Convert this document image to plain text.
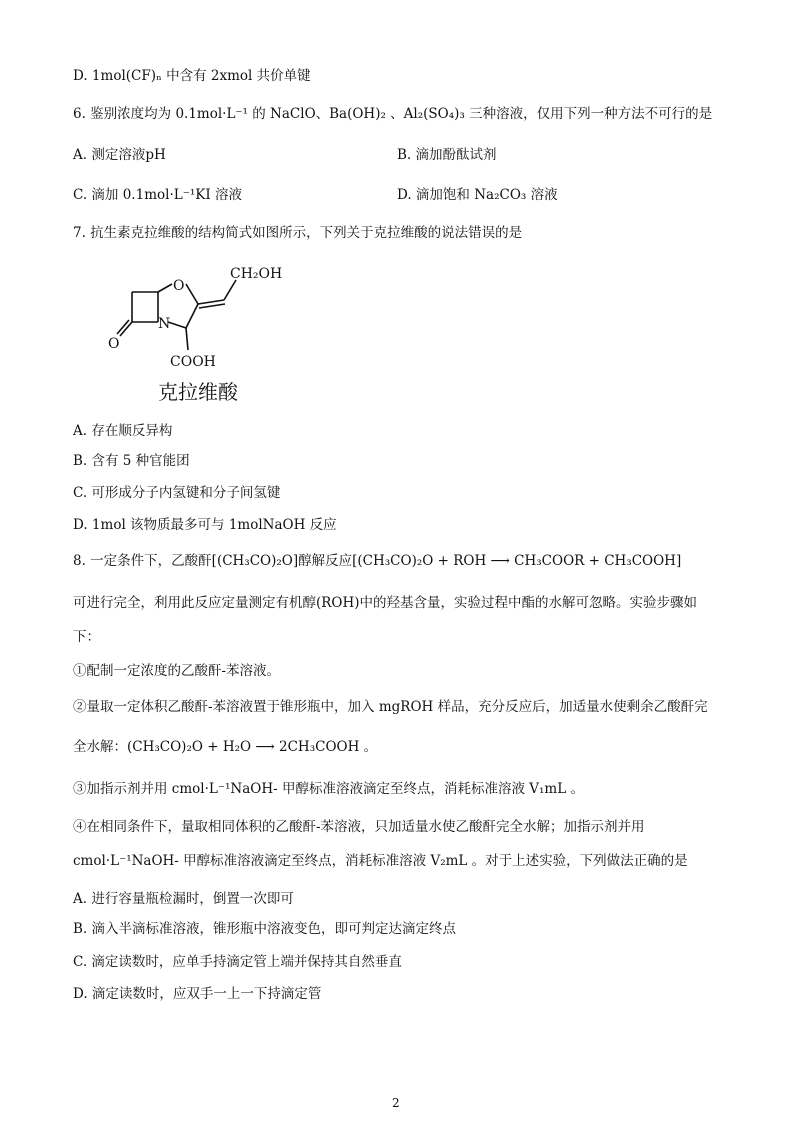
D. 1mol(CF)ₙ 中含有 2xmol 共价单键
6. 鉴别浓度均为 0.1mol·L⁻¹ 的 NaClO、Ba(OH)₂ 、Al₂(SO₄)₃ 三种溶液，仅用下列一种方法不可行的是
A. 测定溶液pH	B. 滴加酚酞试剂
C. 滴加 0.1mol·L⁻¹KI 溶液	D. 滴加饱和 Na₂CO₃ 溶液
7. 抗生素克拉维酸的结构简式如图所示，下列关于克拉维酸的说法错误的是
CH₂OH
O
N
O
COOH
克拉维酸
A. 存在顺反异构
B. 含有 5 种官能团
C. 可形成分子内氢键和分子间氢键
D. 1mol 该物质最多可与 1molNaOH 反应
8. 一定条件下，乙酸酐[(CH₃CO)₂O]醇解反应[(CH₃CO)₂O + ROH ⟶ CH₃COOR + CH₃COOH]
可进行完全，利用此反应定量测定有机醇(ROH)中的羟基含量，实验过程中酯的水解可忽略。实验步骤如
下：
①配制一定浓度的乙酸酐-苯溶液。
②量取一定体积乙酸酐-苯溶液置于锥形瓶中，加入 mgROH 样品，充分反应后，加适量水使剩余乙酸酐完
全水解：(CH₃CO)₂O + H₂O ⟶ 2CH₃COOH 。
③加指示剂并用 cmol·L⁻¹NaOH- 甲醇标准溶液滴定至终点，消耗标准溶液 V₁mL 。
④在相同条件下，量取相同体积的乙酸酐-苯溶液，只加适量水使乙酸酐完全水解；加指示剂并用
cmol·L⁻¹NaOH- 甲醇标准溶液滴定至终点，消耗标准溶液 V₂mL 。对于上述实验，下列做法正确的是
A. 进行容量瓶检漏时，倒置一次即可
B. 滴入半滴标准溶液，锥形瓶中溶液变色，即可判定达滴定终点
C. 滴定读数时，应单手持滴定管上端并保持其自然垂直
D. 滴定读数时，应双手一上一下持滴定管
2
